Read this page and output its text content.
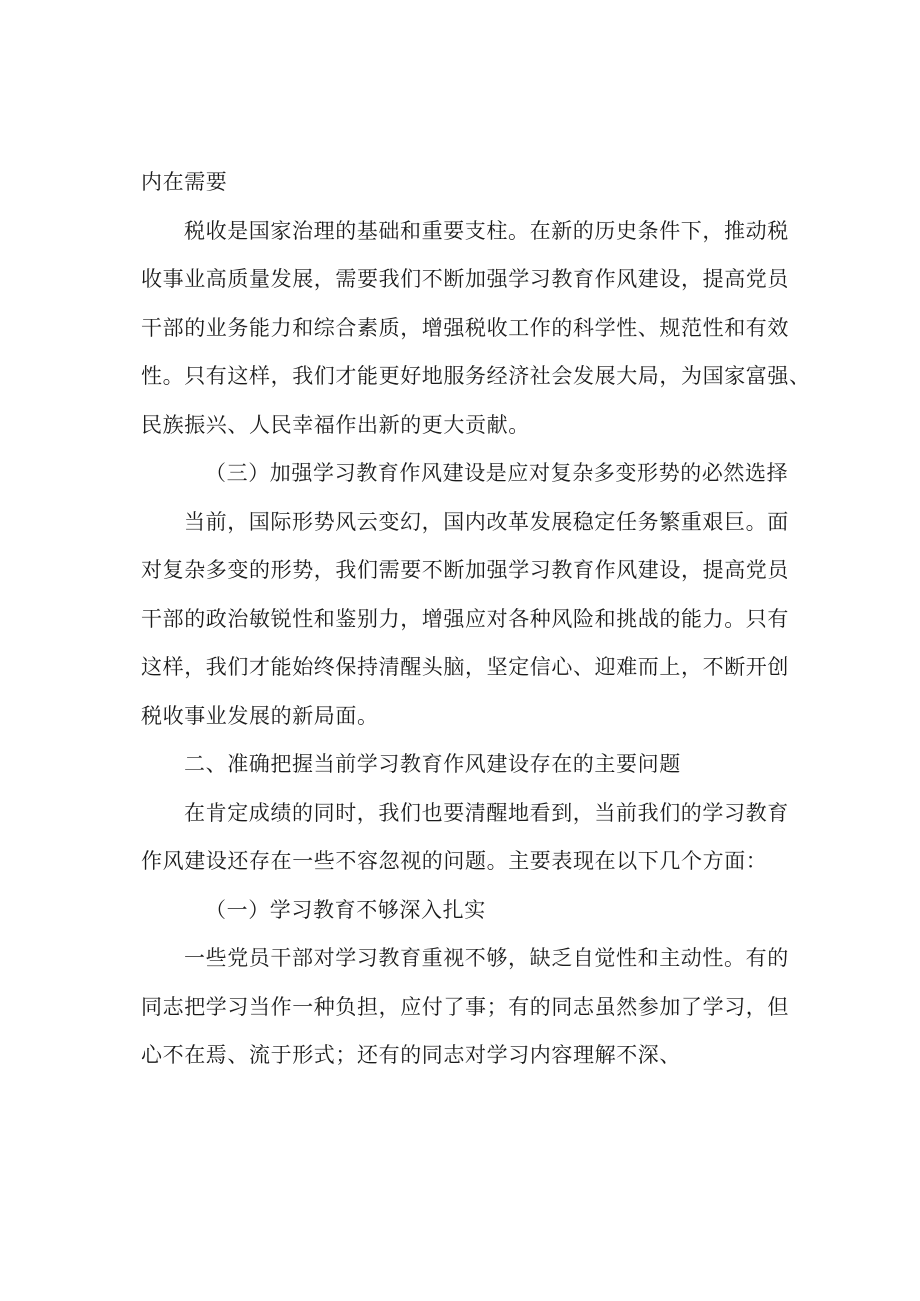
内在需要
税收是国家治理的基础和重要支柱。在新的历史条件下，推动税
收事业高质量发展，需要我们不断加强学习教育作风建设，提高党员
干部的业务能力和综合素质，增强税收工作的科学性、规范性和有效
性。只有这样，我们才能更好地服务经济社会发展大局，为国家富强、
民族振兴、人民幸福作出新的更大贡献。
（三）加强学习教育作风建设是应对复杂多变形势的必然选择
当前，国际形势风云变幻，国内改革发展稳定任务繁重艰巨。面
对复杂多变的形势，我们需要不断加强学习教育作风建设，提高党员
干部的政治敏锐性和鉴别力，增强应对各种风险和挑战的能力。只有
这样，我们才能始终保持清醒头脑，坚定信心、迎难而上，不断开创
税收事业发展的新局面。
二、准确把握当前学习教育作风建设存在的主要问题
在肯定成绩的同时，我们也要清醒地看到，当前我们的学习教育
作风建设还存在一些不容忽视的问题。主要表现在以下几个方面：
（一）学习教育不够深入扎实
一些党员干部对学习教育重视不够，缺乏自觉性和主动性。有的
同志把学习当作一种负担，应付了事；有的同志虽然参加了学习，但
心不在焉、流于形式；还有的同志对学习内容理解不深、
